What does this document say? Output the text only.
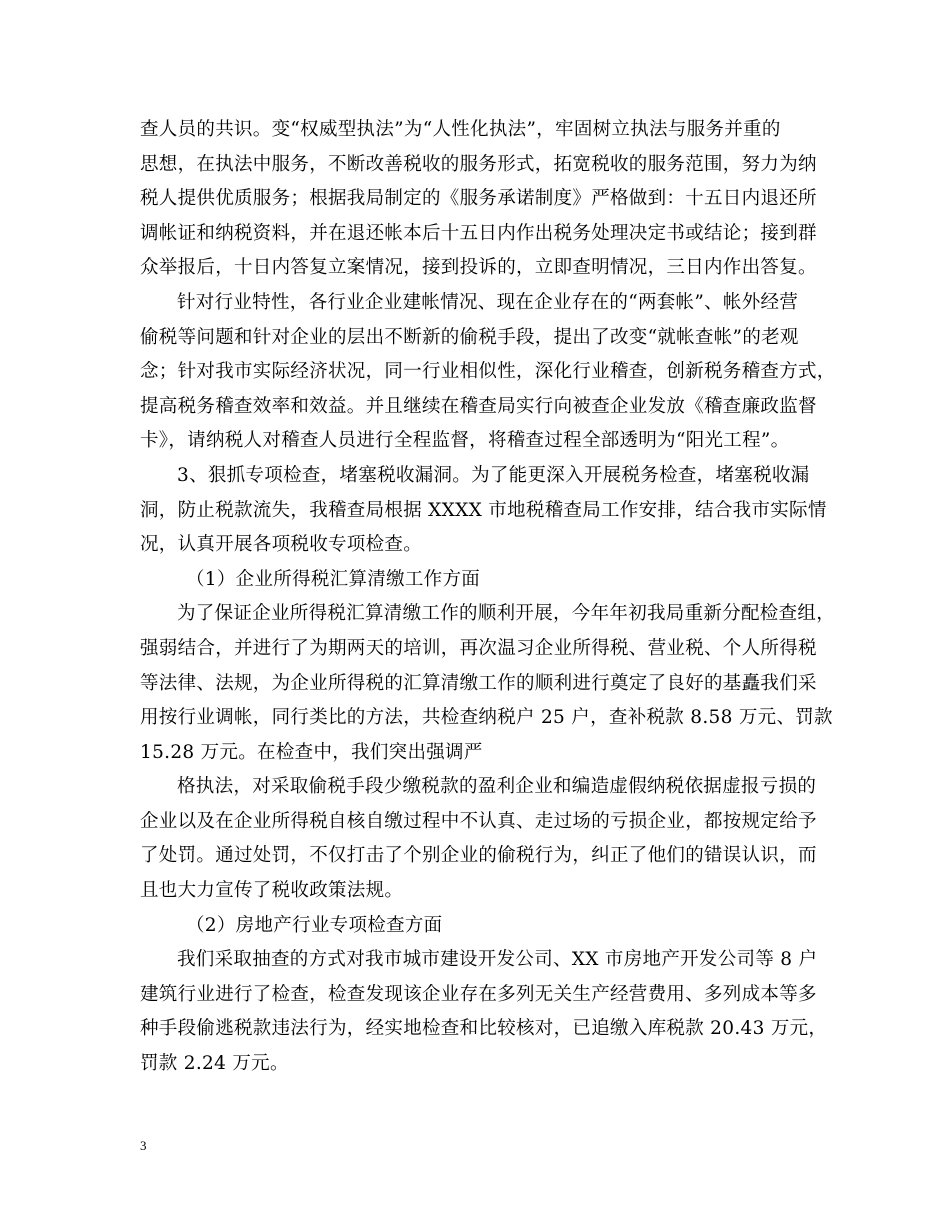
查人员的共识。变“权威型执法”为“人性化执法”，牢固树立执法与服务并重的
思想，在执法中服务，不断改善税收的服务形式，拓宽税收的服务范围，努力为纳
税人提供优质服务；根据我局制定的《服务承诺制度》严格做到：十五日内退还所
调帐证和纳税资料，并在退还帐本后十五日内作出税务处理决定书或结论；接到群
众举报后，十日内答复立案情况，接到投诉的，立即查明情况，三日内作出答复。

针对行业特性，各行业企业建帐情况、现在企业存在的“两套帐”、帐外经营
偷税等问题和针对企业的层出不断新的偷税手段，提出了改变“就帐查帐”的老观
念；针对我市实际经济状况，同一行业相似性，深化行业稽查，创新税务稽查方式，
提高税务稽查效率和效益。并且继续在稽查局实行向被查企业发放《稽查廉政监督
卡》，请纳税人对稽查人员进行全程监督，将稽查过程全部透明为“阳光工程”。

3、狠抓专项检查，堵塞税收漏洞。为了能更深入开展税务检查，堵塞税收漏
洞，防止税款流失，我稽查局根据 XXXX 市地税稽查局工作安排，结合我市实际情
况，认真开展各项税收专项检查。

（1）企业所得税汇算清缴工作方面

为了保证企业所得税汇算清缴工作的顺利开展，今年年初我局重新分配检查组，
强弱结合，并进行了为期两天的培训，再次温习企业所得税、营业税、个人所得税
等法律、法规，为企业所得税的汇算清缴工作的顺利进行奠定了良好的基矗我们采
用按行业调帐，同行类比的方法，共检查纳税户 25 户，查补税款 8.58 万元、罚款
15.28 万元。在检查中，我们突出强调严

格执法，对采取偷税手段少缴税款的盈利企业和编造虚假纳税依据虚报亏损的
企业以及在企业所得税自核自缴过程中不认真、走过场的亏损企业，都按规定给予
了处罚。通过处罚，不仅打击了个别企业的偷税行为，纠正了他们的错误认识，而
且也大力宣传了税收政策法规。

（2）房地产行业专项检查方面

我们采取抽查的方式对我市城市建设开发公司、XX 市房地产开发公司等 8 户
建筑行业进行了检查，检查发现该企业存在多列无关生产经营费用、多列成本等多
种手段偷逃税款违法行为，经实地检查和比较核对，已追缴入库税款 20.43 万元，
罚款 2.24 万元。

3
